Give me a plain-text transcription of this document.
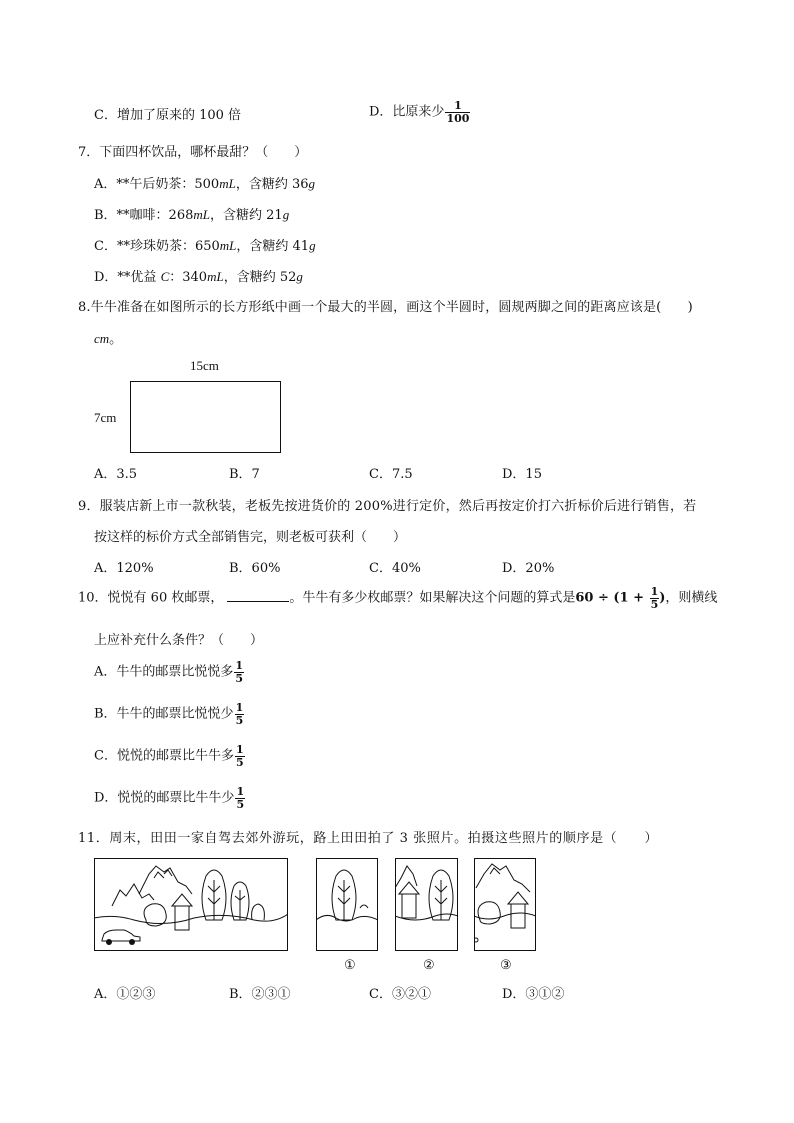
C．增加了原来的 100 倍	D．比原来少 $\frac{1}{100}$
7．下面四杯饮品，哪杯最甜？（　　）
A．**午后奶茶：500mL，含糖约 36g
B．**咖啡：268mL，含糖约 21g
C．**珍珠奶茶：650mL，含糖约 41g
D．**优益 C：340mL，含糖约 52g
8.牛牛准备在如图所示的长方形纸中画一个最大的半圆，画这个半圆时，圆规两脚之间的距离应该是(　　)
cm。
15cm
7cm
A．3.5	B．7	C．7.5	D．15
9．服装店新上市一款秋装，老板先按进货价的 200%进行定价，然后再按定价打六折标价后进行销售，若
按这样的标价方式全部销售完，则老板可获利（　　）
A．120%	B．60%	C．40%	D．20%
10．悦悦有 60 枚邮票，	。牛牛有多少枚邮票？如果解决这个问题的算式是$60 \div (1 + \frac{1}{5}$ )，则横线
上应补充什么条件？（　　）
A．牛牛的邮票比悦悦多 $\frac{1}{5}$
B．牛牛的邮票比悦悦少 $\frac{1}{5}$
C．悦悦的邮票比牛牛多 $\frac{1}{5}$
D．悦悦的邮票比牛牛少 $\frac{1}{5}$
11．周末，田田一家自驾去郊外游玩，路上田田拍了 3 张照片。拍摄这些照片的顺序是（　　）
①	②	③
A．①②③	B．②③①	C．③②①	D．③①②
